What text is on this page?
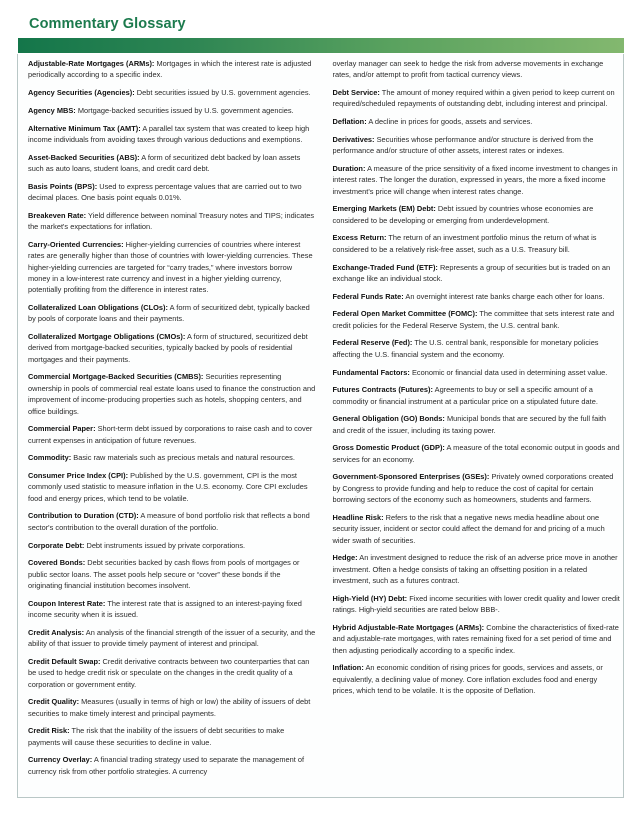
Commentary Glossary

Adjustable-Rate Mortgages (ARMs): Mortgages in which the interest rate is adjusted periodically according to a specific index.

Agency Securities (Agencies): Debt securities issued by U.S. government agencies.

Agency MBS: Mortgage-backed securities issued by U.S. government agencies.

Alternative Minimum Tax (AMT): A parallel tax system that was created to keep high income individuals from avoiding taxes through various deductions and exemptions.

Asset-Backed Securities (ABS): A form of securitized debt backed by loan assets such as auto loans, student loans, and credit card debt.

Basis Points (BPS): Used to express percentage values that are carried out to two decimal places. One basis point equals 0.01%.

Breakeven Rate: Yield difference between nominal Treasury notes and TIPS; indicates the market's expectations for inflation.

Carry-Oriented Currencies: Higher-yielding currencies of countries where interest rates are generally higher than those of countries with lower-yielding currencies. These higher-yielding currencies are targeted for “carry trades,” where investors borrow money in a low-interest rate currency and invest in a higher yielding currency, potentially profiting from the difference in interest rates.

Collateralized Loan Obligations (CLOs): A form of securitized debt, typically backed by pools of corporate loans and their payments.

Collateralized Mortgage Obligations (CMOs): A form of structured, securitized debt derived from mortgage-backed securities, typically backed by pools of residential mortgages and their payments.

Commercial Mortgage-Backed Securities (CMBS): Securities representing ownership in pools of commercial real estate loans used to finance the construction and improvement of income-producing properties such as hotels, shopping centers, and office buildings.

Commercial Paper: Short-term debt issued by corporations to raise cash and to cover current expenses in anticipation of future revenues.

Commodity: Basic raw materials such as precious metals and natural resources.

Consumer Price Index (CPI): Published by the U.S. government, CPI is the most commonly used statistic to measure inflation in the U.S. economy. Core CPI excludes food and energy prices, which tend to be volatile.

Contribution to Duration (CTD): A measure of bond portfolio risk that reflects a bond sector's contribution to the overall duration of the portfolio.

Corporate Debt: Debt instruments issued by private corporations.

Covered Bonds: Debt securities backed by cash flows from pools of mortgages or public sector loans. The asset pools help secure or “cover” these bonds if the originating financial institution becomes insolvent.

Coupon Interest Rate: The interest rate that is assigned to an interest-paying fixed income security when it is issued.

Credit Analysis: An analysis of the financial strength of the issuer of a security, and the ability of that issuer to provide timely payment of interest and principal.

Credit Default Swap: Credit derivative contracts between two counterparties that can be used to hedge credit risk or speculate on the changes in the credit quality of a corporation or government entity.

Credit Quality: Measures (usually in terms of high or low) the ability of issuers of debt securities to make timely interest and principal payments.

Credit Risk: The risk that the inability of the issuers of debt securities to make payments will cause these securities to decline in value.

Currency Overlay: A financial trading strategy used to separate the management of currency risk from other portfolio strategies. A currency

overlay manager can seek to hedge the risk from adverse movements in exchange rates, and/or attempt to profit from tactical currency views.

Debt Service: The amount of money required within a given period to keep current on required/scheduled repayments of outstanding debt, including interest and principal.

Deflation: A decline in prices for goods, assets and services.

Derivatives: Securities whose performance and/or structure is derived from the performance and/or structure of other assets, interest rates or indexes.

Duration: A measure of the price sensitivity of a fixed income investment to changes in interest rates. The longer the duration, expressed in years, the more a fixed income investment's price will change when interest rates change.

Emerging Markets (EM) Debt: Debt issued by countries whose economies are considered to be developing or emerging from underdevelopment.

Excess Return: The return of an investment portfolio minus the return of what is considered to be a relatively risk-free asset, such as a U.S. Treasury bill.

Exchange-Traded Fund (ETF): Represents a group of securities but is traded on an exchange like an individual stock.

Federal Funds Rate: An overnight interest rate banks charge each other for loans.

Federal Open Market Committee (FOMC): The committee that sets interest rate and credit policies for the Federal Reserve System, the U.S. central bank.

Federal Reserve (Fed): The U.S. central bank, responsible for monetary policies affecting the U.S. financial system and the economy.

Fundamental Factors: Economic or financial data used in determining asset value.

Futures Contracts (Futures): Agreements to buy or sell a specific amount of a commodity or financial instrument at a particular price on a stipulated future date.

General Obligation (GO) Bonds: Municipal bonds that are secured by the full faith and credit of the issuer, including its taxing power.

Gross Domestic Product (GDP): A measure of the total economic output in goods and services for an economy.

Government-Sponsored Enterprises (GSEs): Privately owned corporations created by Congress to provide funding and help to reduce the cost of capital for certain borrowing sectors of the economy such as homeowners, students and farmers.

Headline Risk: Refers to the risk that a negative news media headline about one security issuer, incident or sector could affect the demand for and pricing of a much wider swath of securities.

Hedge: An investment designed to reduce the risk of an adverse price move in another investment. Often a hedge consists of taking an offsetting position in a related investment, such as a futures contract.

High-Yield (HY) Debt: Fixed income securities with lower credit quality and lower credit ratings. High-yield securities are rated below BBB-.

Hybrid Adjustable-Rate Mortgages (ARMs): Combine the characteristics of fixed-rate and adjustable-rate mortgages, with rates remaining fixed for a set period of time and then adjusting periodically according to a specific index.

Inflation: An economic condition of rising prices for goods, services and assets, or equivalently, a declining value of money. Core inflation excludes food and energy prices, which tend to be volatile. It is the opposite of Deflation.
